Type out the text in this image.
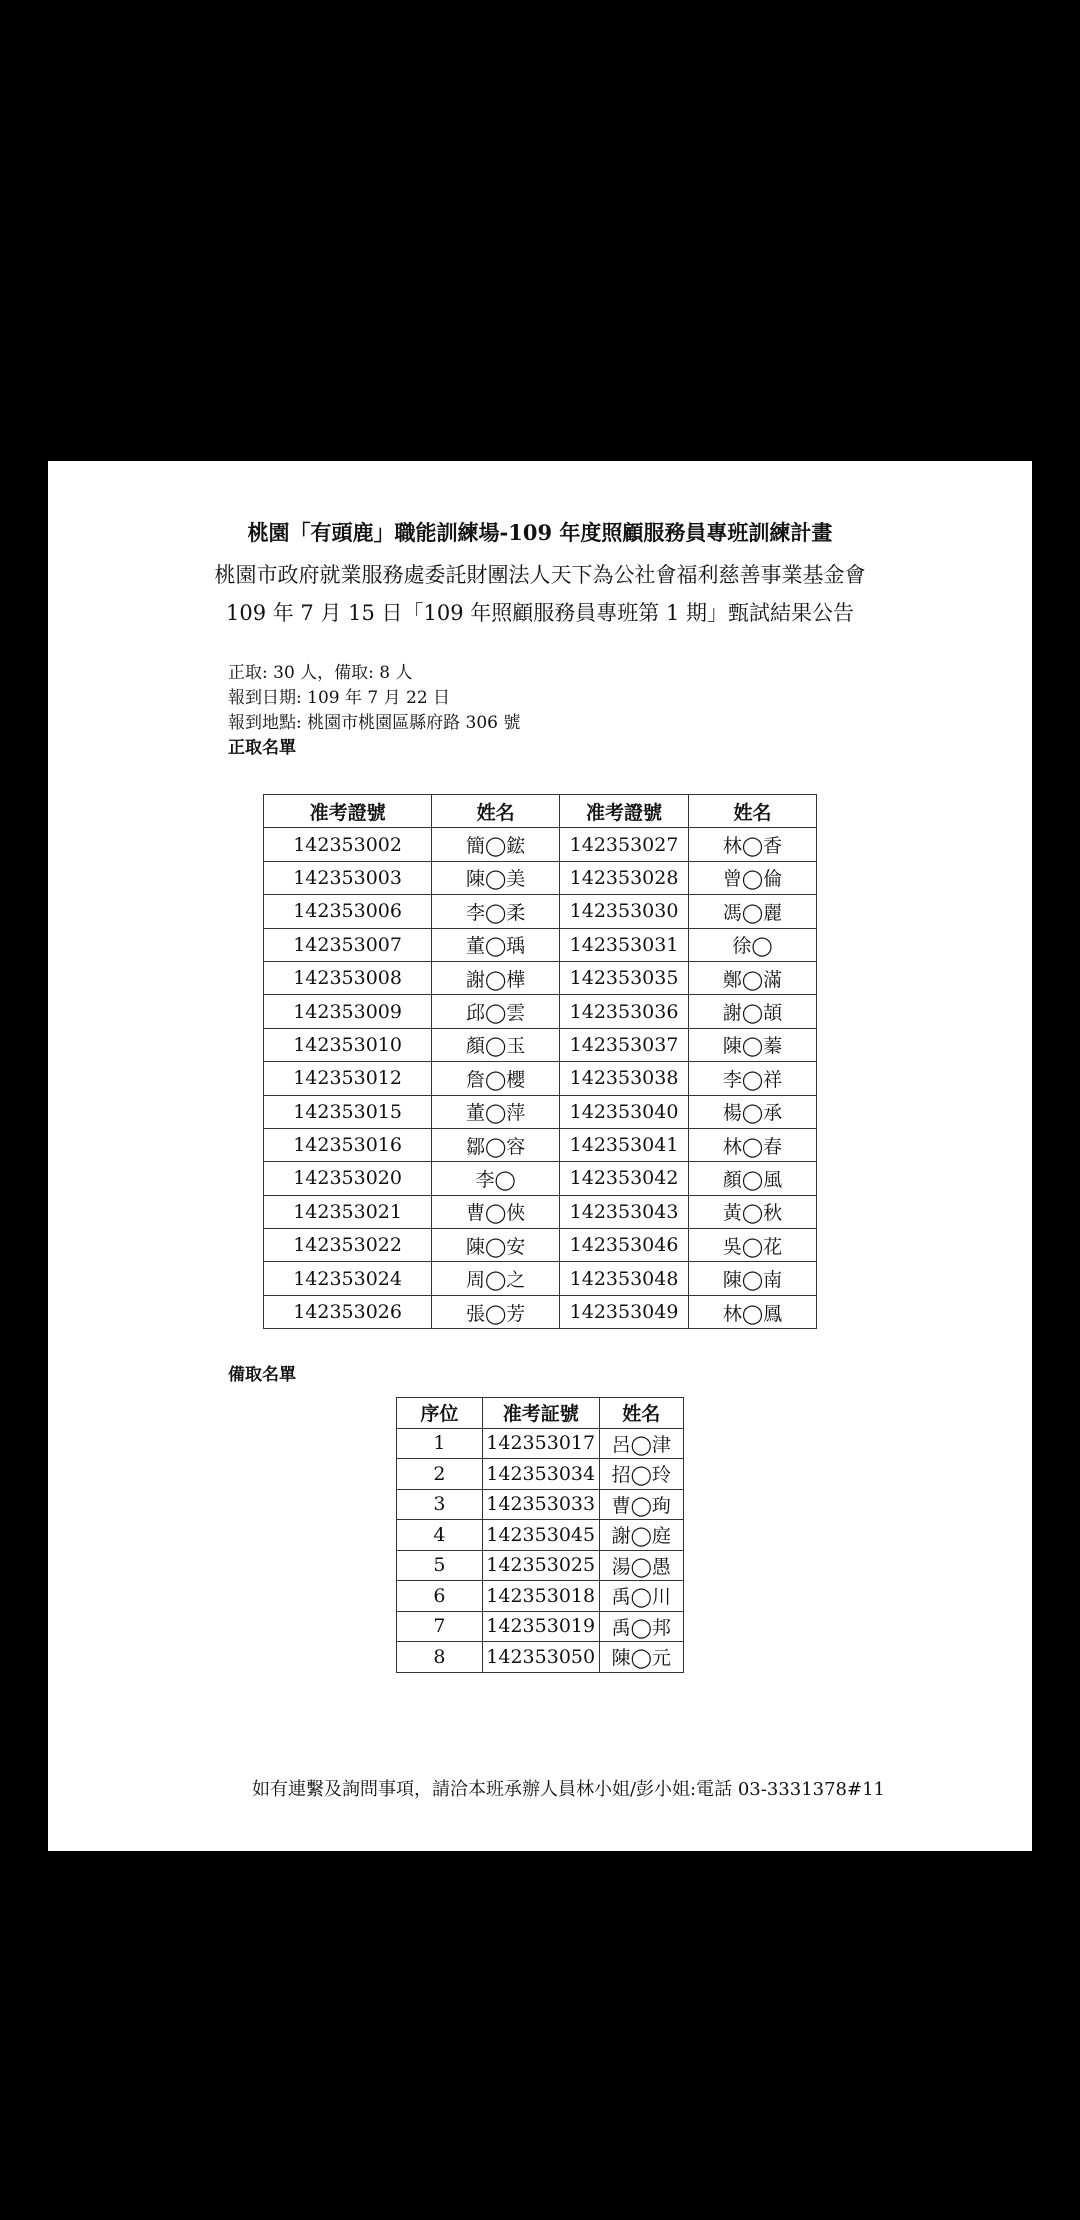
桃園「有頭鹿」職能訓練場-109 年度照顧服務員專班訓練計畫
桃園市政府就業服務處委託財團法人天下為公社會福利慈善事業基金會
109 年 7 月 15 日「109 年照顧服務員專班第 1 期」甄試結果公告
正取: 30 人，備取: 8 人
報到日期: 109 年 7 月 22 日
報到地點: 桃園市桃園區縣府路 306 號
正取名單
准考證號	姓名	准考證號	姓名
142353002	簡◯鋐	142353027	林◯香
142353003	陳◯美	142353028	曾◯倫
142353006	李◯柔	142353030	馮◯麗
142353007	董◯瑀	142353031	徐◯
142353008	謝◯樺	142353035	鄭◯滿
142353009	邱◯雲	142353036	謝◯頡
142353010	顏◯玉	142353037	陳◯蓁
142353012	詹◯櫻	142353038	李◯祥
142353015	董◯萍	142353040	楊◯承
142353016	鄒◯容	142353041	林◯春
142353020	李◯	142353042	顏◯風
142353021	曹◯俠	142353043	黃◯秋
142353022	陳◯安	142353046	吳◯花
142353024	周◯之	142353048	陳◯南
142353026	張◯芳	142353049	林◯鳳
備取名單
序位	准考証號	姓名
1	142353017	呂◯津
2	142353034	招◯玲
3	142353033	曹◯珣
4	142353045	謝◯庭
5	142353025	湯◯愚
6	142353018	禹◯川
7	142353019	禹◯邦
8	142353050	陳◯元
如有連繫及詢問事項，請洽本班承辦人員林小姐/彭小姐:電話 03-3331378#11
